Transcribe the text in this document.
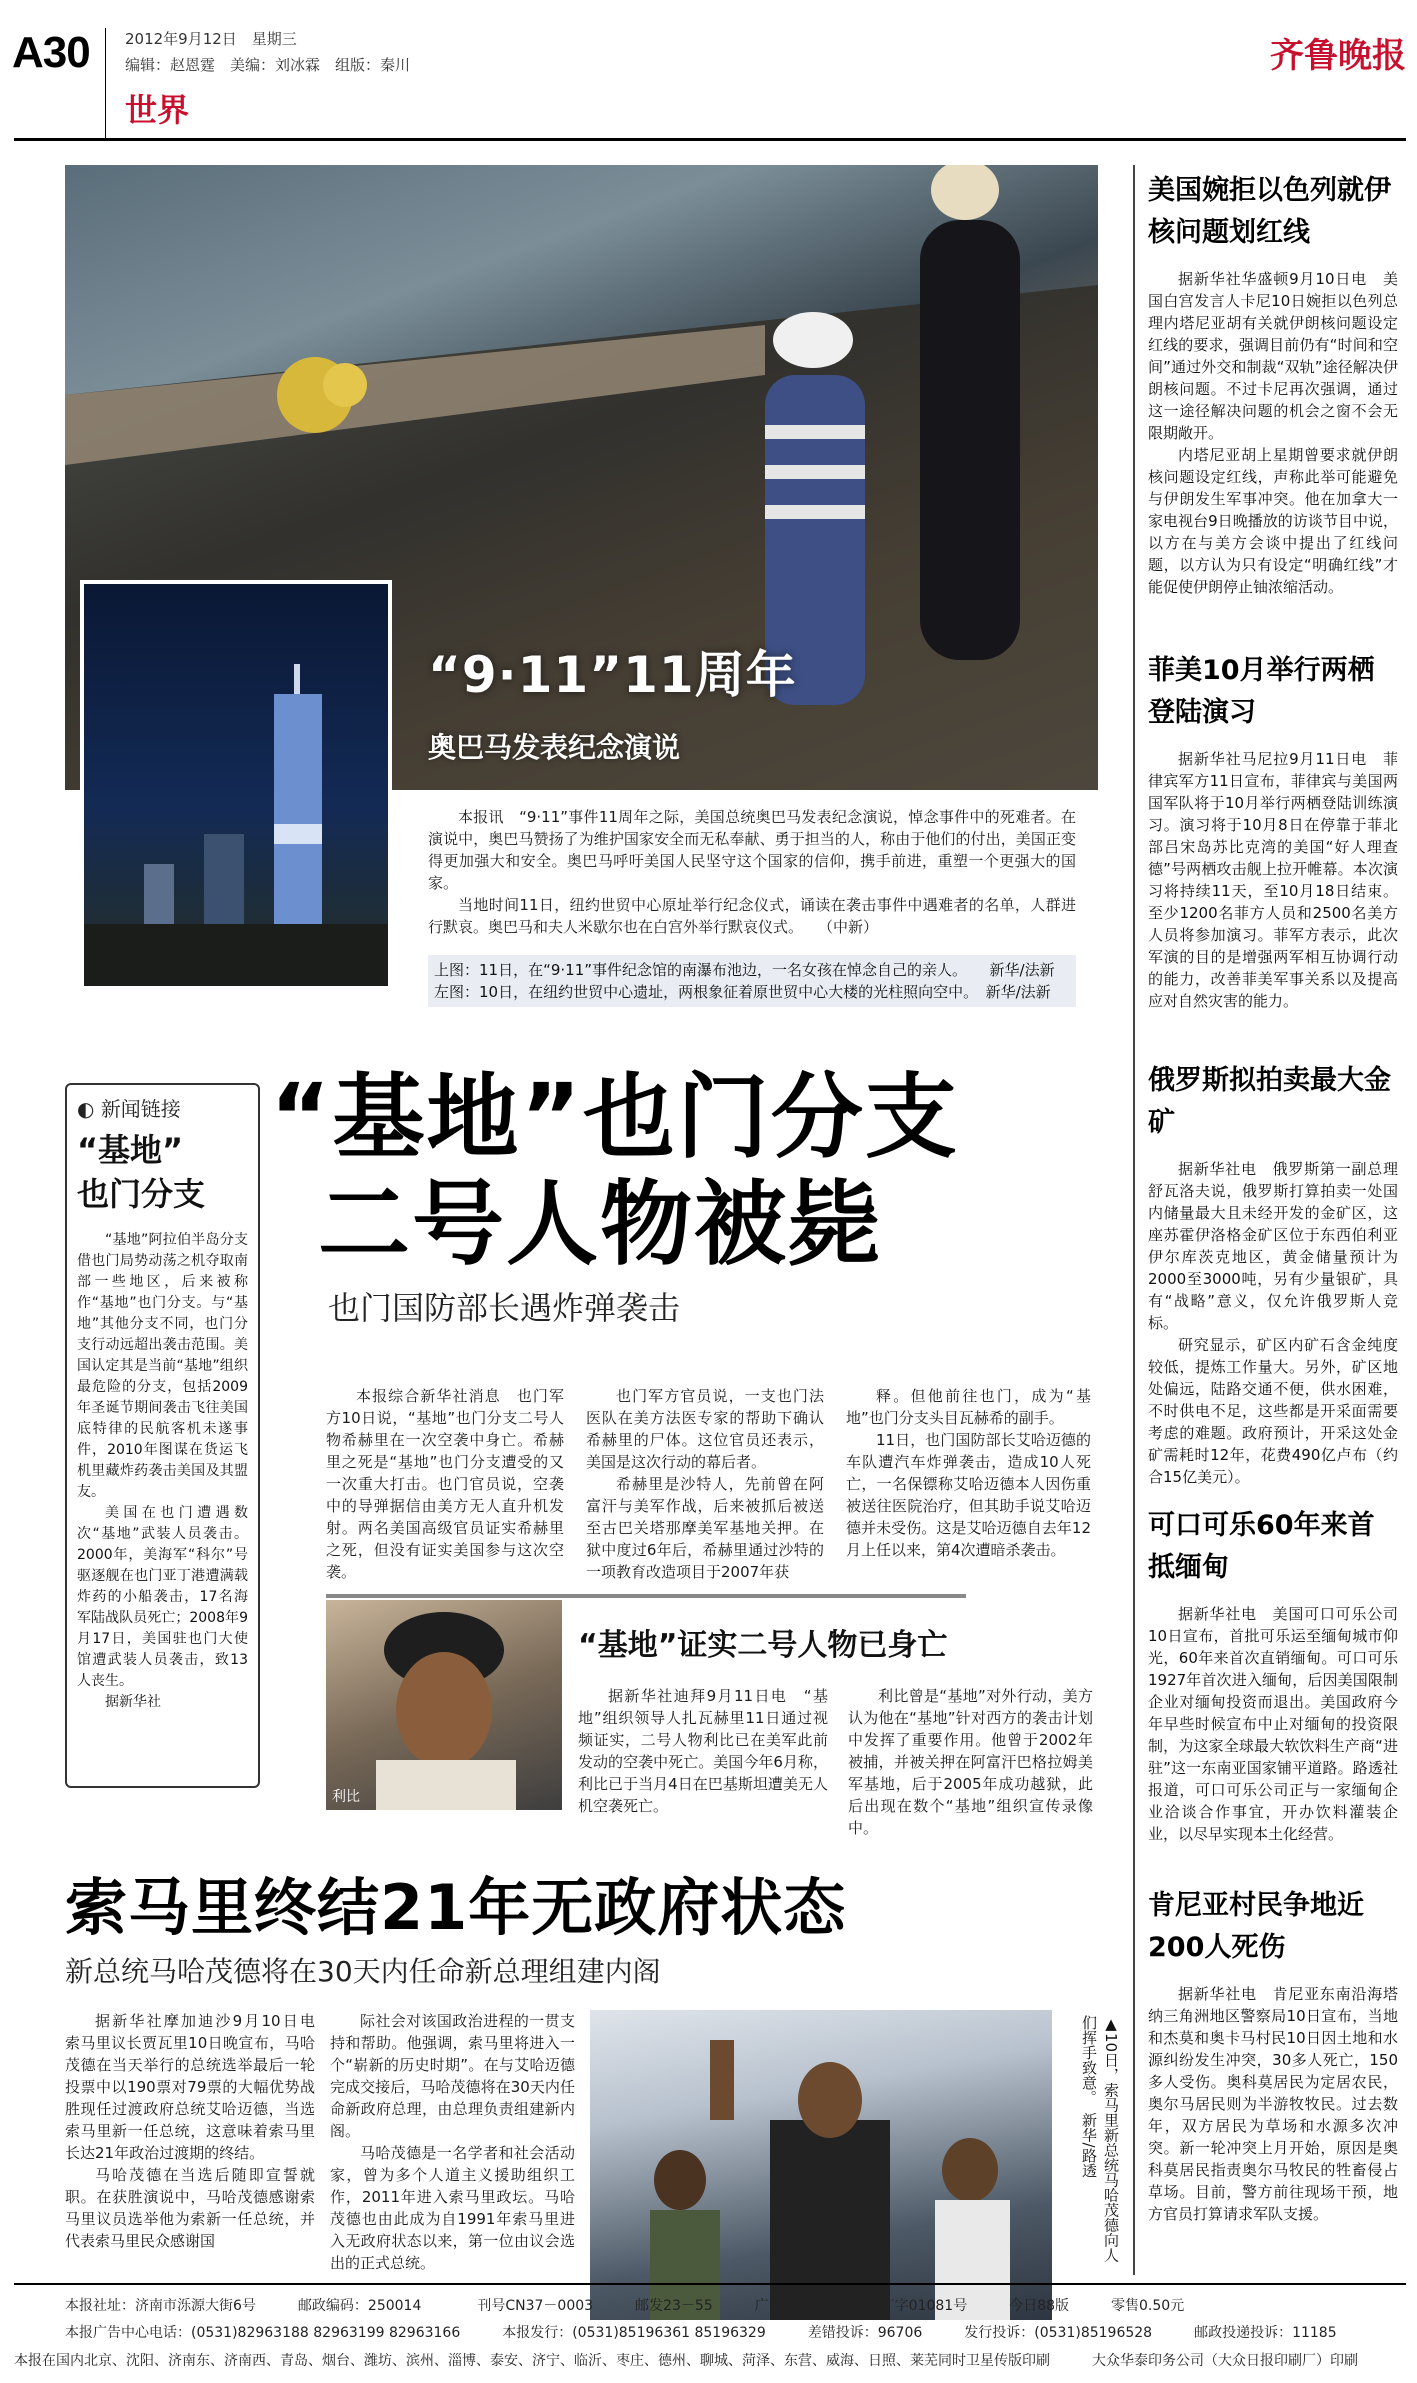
A30 2012年9月12日　星期三
编辑：赵恩霆　美编：刘冰霖　组版：秦川
世界
齐鲁晚报
“9·11”11周年
奥巴马发表纪念演说

本报讯　“9·11”事件11周年之际，美国总统奥巴马发表纪念演说，悼念事件中的死难者。在演说中，奥巴马赞扬了为维护国家安全而无私奉献、勇于担当的人，称由于他们的付出，美国正变得更加强大和安全。奥巴马呼吁美国人民坚守这个国家的信仰，携手前进，重塑一个更强大的国家。

当地时间11日，纽约世贸中心原址举行纪念仪式，诵读在袭击事件中遇难者的名单，人群进行默哀。奥巴马和夫人米歇尔也在白宫外举行默哀仪式。　　（中新）

上图：11日，在“9·11”事件纪念馆的南瀑布池边，一名女孩在悼念自己的亲人。　　新华/法新
左图：10日，在纽约世贸中心遗址，两根象征着原世贸中心大楼的光柱照向空中。　新华/法新
美国婉拒以色列就伊核问题划红线

据新华社华盛顿9月10日电　美国白宫发言人卡尼10日婉拒以色列总理内塔尼亚胡有关就伊朗核问题设定红线的要求，强调目前仍有“时间和空间”通过外交和制裁“双轨”途径解决伊朗核问题。不过卡尼再次强调，通过这一途径解决问题的机会之窗不会无限期敞开。

内塔尼亚胡上星期曾要求就伊朗核问题设定红线，声称此举可能避免与伊朗发生军事冲突。他在加拿大一家电视台9日晚播放的访谈节目中说，以方在与美方会谈中提出了红线问题，以方认为只有设定“明确红线”才能促使伊朗停止铀浓缩活动。

菲美10月举行两栖登陆演习

据新华社马尼拉9月11日电　菲律宾军方11日宣布，菲律宾与美国两国军队将于10月举行两栖登陆训练演习。演习将于10月8日在停靠于菲北部吕宋岛苏比克湾的美国“好人理查德”号两栖攻击舰上拉开帷幕。本次演习将持续11天，至10月18日结束。至少1200名菲方人员和2500名美方人员将参加演习。菲军方表示，此次军演的目的是增强两军相互协调行动的能力，改善菲美军事关系以及提高应对自然灾害的能力。

俄罗斯拟拍卖最大金矿

据新华社电　俄罗斯第一副总理舒瓦洛夫说，俄罗斯打算拍卖一处国内储量最大且未经开发的金矿区，这座苏霍伊洛格金矿区位于东西伯利亚伊尔库茨克地区，黄金储量预计为2000至3000吨，另有少量银矿，具有“战略”意义，仅允许俄罗斯人竞标。

研究显示，矿区内矿石含金纯度较低，提炼工作量大。另外，矿区地处偏远，陆路交通不便，供水困难，不时供电不足，这些都是开采面需要考虑的难题。政府预计，开采这处金矿需耗时12年，花费490亿卢布（约合15亿美元）。

可口可乐60年来首抵缅甸

据新华社电　美国可口可乐公司10日宣布，首批可乐运至缅甸城市仰光，60年来首次直销缅甸。可口可乐1927年首次进入缅甸，后因美国限制企业对缅甸投资而退出。美国政府今年早些时候宣布中止对缅甸的投资限制，为这家全球最大软饮料生产商“进驻”这一东南亚国家铺平道路。路透社报道，可口可乐公司正与一家缅甸企业洽谈合作事宜，开办饮料灌装企业，以尽早实现本土化经营。

肯尼亚村民争地近200人死伤

据新华社电　肯尼亚东南沿海塔纳三角洲地区警察局10日宣布，当地和杰莫和奥卡马村民10日因土地和水源纠纷发生冲突，30多人死亡，150多人受伤。奥科莫居民为定居农民，奥尔马居民则为半游牧牧民。过去数年，双方居民为草场和水源多次冲突。新一轮冲突上月开始，原因是奥科莫居民指责奥尔马牧民的牲畜侵占草场。目前，警方前往现场干预，地方官员打算请求军队支援。

◐ 新闻链接
“基地”
也门分支

“基地”阿拉伯半岛分支借也门局势动荡之机夺取南部一些地区，后来被称作“基地”也门分支。与“基地”其他分支不同，也门分支行动远超出袭击范围。美国认定其是当前“基地”组织最危险的分支，包括2009年圣诞节期间袭击飞往美国底特律的民航客机未遂事件，2010年图谋在货运飞机里藏炸药袭击美国及其盟友。

美国在也门遭遇数次“基地”武装人员袭击。2000年，美海军“科尔”号驱逐舰在也门亚丁港遭满载炸药的小船袭击，17名海军陆战队员死亡；2008年9月17日，美国驻也门大使馆遭武装人员袭击，致13人丧生。

据新华社

“基地”也门分支
二号人物被毙
也门国防部长遇炸弹袭击

本报综合新华社消息　也门军方10日说，“基地”也门分支二号人物希赫里在一次空袭中身亡。希赫里之死是“基地”也门分支遭受的又一次重大打击。也门官员说，空袭中的导弹据信由美方无人直升机发射。两名美国高级官员证实希赫里之死，但没有证实美国参与这次空袭。

也门军方官员说，一支也门法医队在美方法医专家的帮助下确认希赫里的尸体。这位官员还表示，美国是这次行动的幕后者。

希赫里是沙特人，先前曾在阿富汗与美军作战，后来被抓后被送至古巴关塔那摩美军基地关押。在狱中度过6年后，希赫里通过沙特的一项教育改造项目于2007年获

释。但他前往也门，成为“基地”也门分支头目瓦赫希的副手。

11日，也门国防部长艾哈迈德的车队遭汽车炸弹袭击，造成10人死亡，一名保镖称艾哈迈德本人因伤重被送往医院治疗，但其助手说艾哈迈德并未受伤。这是艾哈迈德自去年12月上任以来，第4次遭暗杀袭击。

利比
“基地”证实二号人物已身亡

据新华社迪拜9月11日电　“基地”组织领导人扎瓦赫里11日通过视频证实，二号人物利比已在美军此前发动的空袭中死亡。美国今年6月称，利比已于当月4日在巴基斯坦遭美无人机空袭死亡。

利比曾是“基地”对外行动，美方认为他在“基地”针对西方的袭击计划中发挥了重要作用。他曾于2002年被捕，并被关押在阿富汗巴格拉姆美军基地，后于2005年成功越狱，此后出现在数个“基地”组织宣传录像中。

索马里终结21年无政府状态
新总统马哈茂德将在30天内任命新总理组建内阁

据新华社摩加迪沙9月10日电　索马里议长贾瓦里10日晚宣布，马哈茂德在当天举行的总统选举最后一轮投票中以190票对79票的大幅优势战胜现任过渡政府总统艾哈迈德，当选索马里新一任总统，这意味着索马里长达21年政治过渡期的终结。

马哈茂德在当选后随即宣誓就职。在获胜演说中，马哈茂德感谢索马里议员选举他为索新一任总统，并代表索马里民众感谢国

际社会对该国政治进程的一贯支持和帮助。他强调，索马里将进入一个“崭新的历史时期”。在与艾哈迈德完成交接后，马哈茂德将在30天内任命新政府总理，由总理负责组建新内阁。

马哈茂德是一名学者和社会活动家，曾为多个人道主义援助组织工作，2011年进入索马里政坛。马哈茂德也由此成为自1991年索马里进入无政府状态以来，第一位由议会选出的正式总统。

▲10日，索马里新总统马哈茂德向人们挥手致意。　新华/路透
本报社址：济南市泺源大街6号　　　邮政编码：250014　　　　刊号CN37－0003　　　邮发23－55　　　广告许可证：鲁工商广字01081号　　　今日88版　　　零售0.50元
本报广告中心电话：(0531)82963188 82963199 82963166　　　本报发行：(0531)85196361 85196329　　　差错投诉：96706　　　发行投诉：(0531)85196528　　　邮政投递投诉：11185
本报在国内北京、沈阳、济南东、济南西、青岛、烟台、潍坊、滨州、淄博、泰安、济宁、临沂、枣庄、德州、聊城、菏泽、东营、威海、日照、莱芜同时卫星传版印刷　　　大众华泰印务公司（大众日报印刷厂）印刷
